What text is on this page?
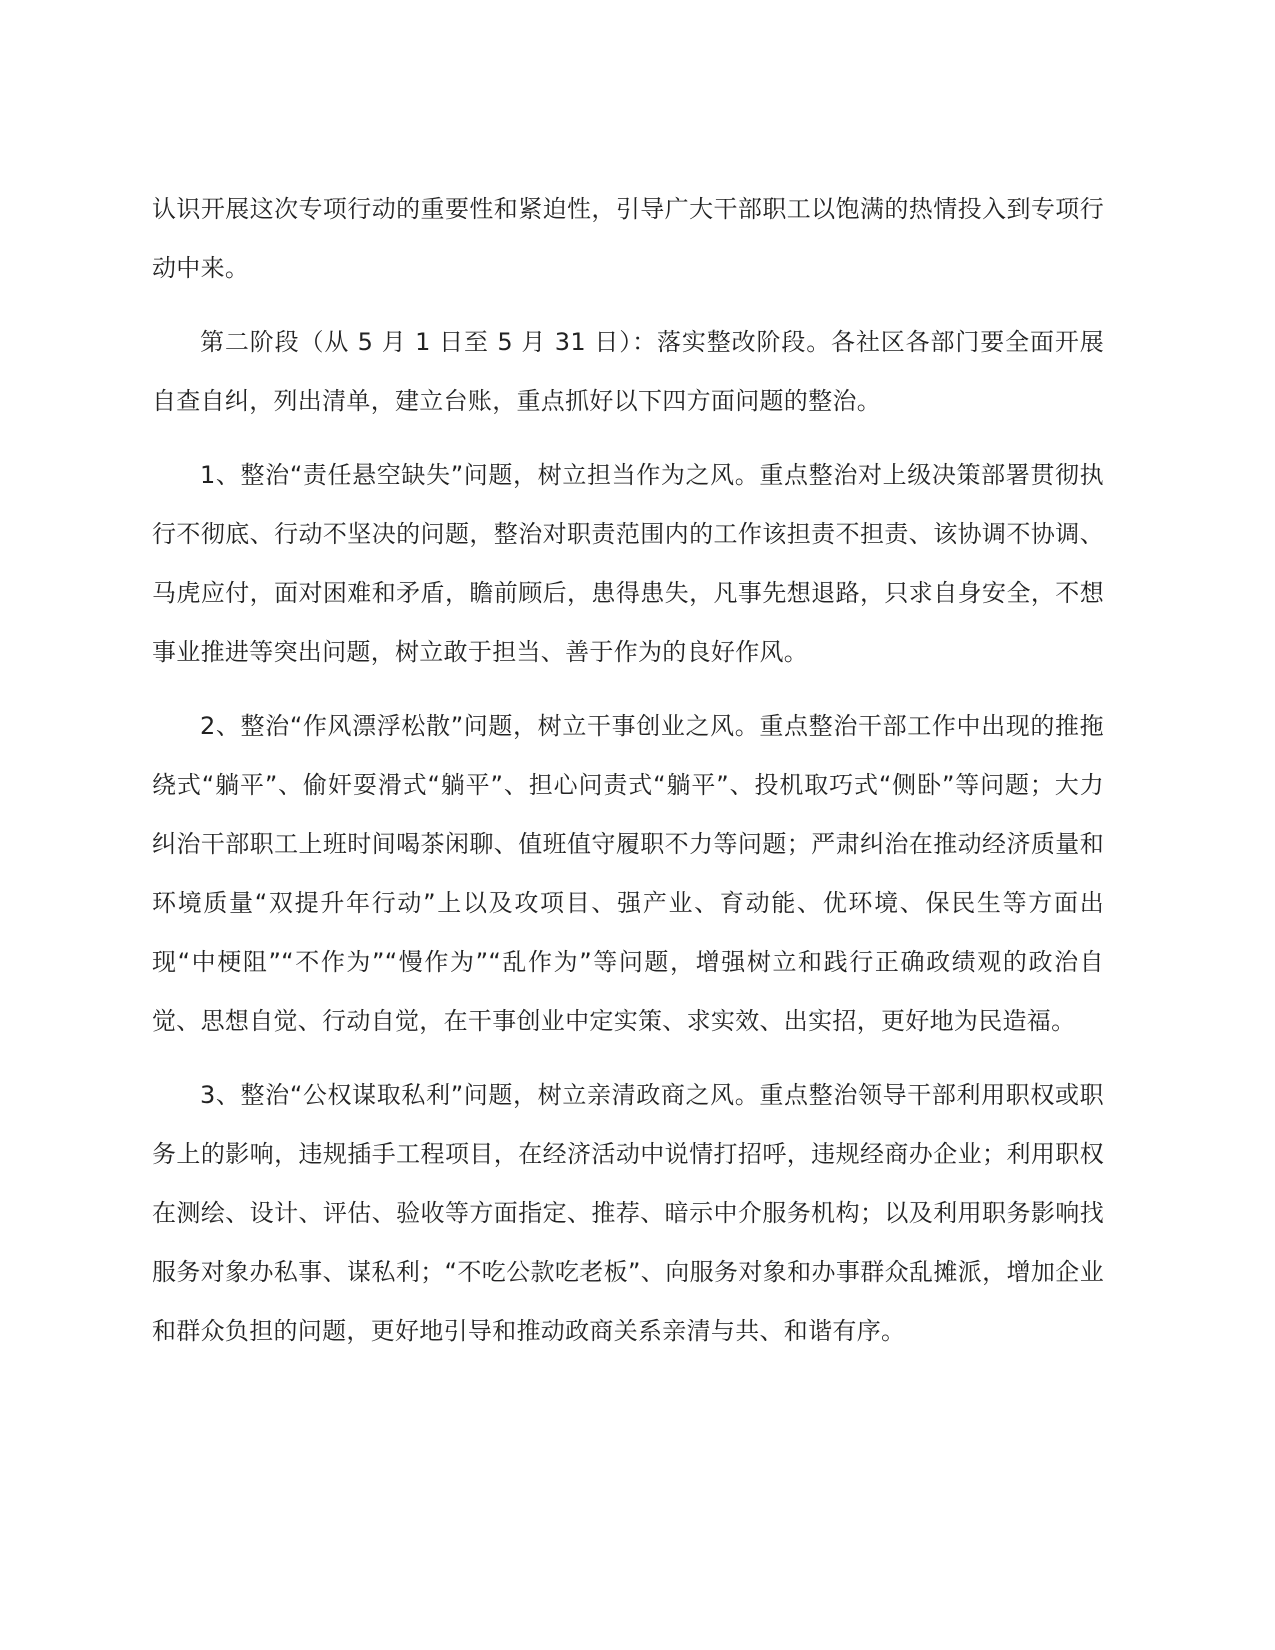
认识开展这次专项行动的重要性和紧迫性，引导广大干部职工以饱满的热情投入到专项行动中来。

第二阶段（从 5 月 1 日至 5 月 31 日）：落实整改阶段。各社区各部门要全面开展自查自纠，列出清单，建立台账，重点抓好以下四方面问题的整治。

1、整治“责任悬空缺失”问题，树立担当作为之风。重点整治对上级决策部署贯彻执行不彻底、行动不坚决的问题，整治对职责范围内的工作该担责不担责、该协调不协调、马虎应付，面对困难和矛盾，瞻前顾后，患得患失，凡事先想退路，只求自身安全，不想事业推进等突出问题，树立敢于担当、善于作为的良好作风。

2、整治“作风漂浮松散”问题，树立干事创业之风。重点整治干部工作中出现的推拖绕式“躺平”、偷奸耍滑式“躺平”、担心问责式“躺平”、投机取巧式“侧卧”等问题；大力纠治干部职工上班时间喝茶闲聊、值班值守履职不力等问题；严肃纠治在推动经济质量和环境质量“双提升年行动”上以及攻项目、强产业、育动能、优环境、保民生等方面出现“中梗阻”“不作为”“慢作为”“乱作为”等问题，增强树立和践行正确政绩观的政治自觉、思想自觉、行动自觉，在干事创业中定实策、求实效、出实招，更好地为民造福。

3、整治“公权谋取私利”问题，树立亲清政商之风。重点整治领导干部利用职权或职务上的影响，违规插手工程项目，在经济活动中说情打招呼，违规经商办企业；利用职权在测绘、设计、评估、验收等方面指定、推荐、暗示中介服务机构；以及利用职务影响找服务对象办私事、谋私利；“不吃公款吃老板”、向服务对象和办事群众乱摊派，增加企业和群众负担的问题，更好地引导和推动政商关系亲清与共、和谐有序。
